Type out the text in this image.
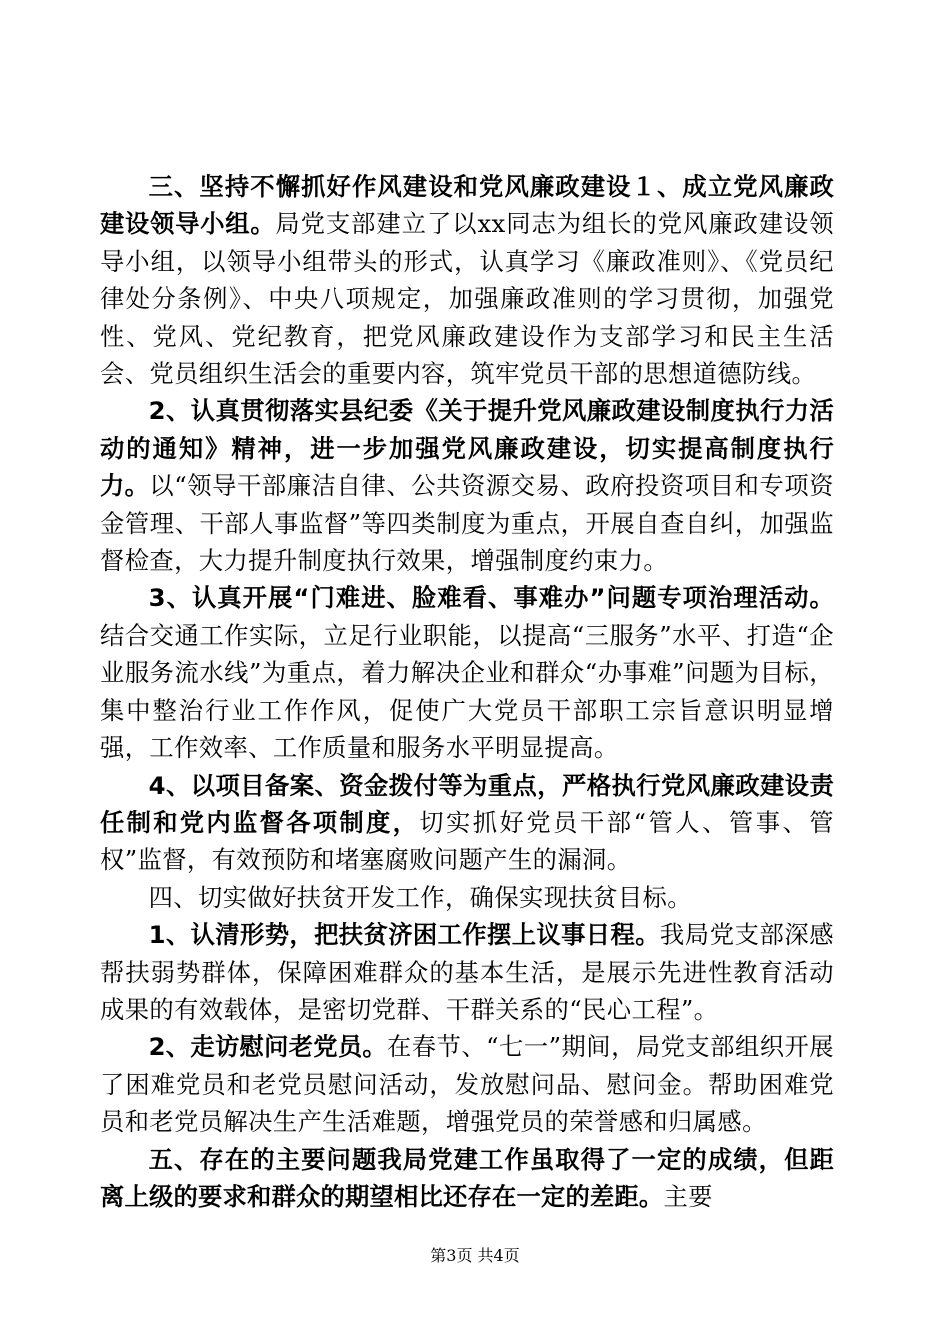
三、坚持不懈抓好作风建设和党风廉政建设１、成立党风廉政建设领导小组。局党支部建立了以xx同志为组长的党风廉政建设领导小组，以领导小组带头的形式，认真学习《廉政准则》、《党员纪律处分条例》、中央八项规定，加强廉政准则的学习贯彻，加强党性、党风、党纪教育，把党风廉政建设作为支部学习和民主生活会、党员组织生活会的重要内容，筑牢党员干部的思想道德防线。

2、认真贯彻落实县纪委《关于提升党风廉政建设制度执行力活动的通知》精神，进一步加强党风廉政建设，切实提高制度执行力。以“领导干部廉洁自律、公共资源交易、政府投资项目和专项资金管理、干部人事监督”等四类制度为重点，开展自查自纠，加强监督检查，大力提升制度执行效果，增强制度约束力。

3、认真开展“门难进、脸难看、事难办”问题专项治理活动。结合交通工作实际，立足行业职能，以提高“三服务”水平、打造“企业服务流水线”为重点，着力解决企业和群众“办事难”问题为目标，集中整治行业工作作风，促使广大党员干部职工宗旨意识明显增强，工作效率、工作质量和服务水平明显提高。

4、以项目备案、资金拨付等为重点，严格执行党风廉政建设责任制和党内监督各项制度，切实抓好党员干部“管人、管事、管权”监督，有效预防和堵塞腐败问题产生的漏洞。

四、切实做好扶贫开发工作，确保实现扶贫目标。

1、认清形势，把扶贫济困工作摆上议事日程。我局党支部深感帮扶弱势群体，保障困难群众的基本生活，是展示先进性教育活动成果的有效载体，是密切党群、干群关系的“民心工程”。

2、走访慰问老党员。在春节、“七一”期间，局党支部组织开展了困难党员和老党员慰问活动，发放慰问品、慰问金。帮助困难党员和老党员解决生产生活难题，增强党员的荣誉感和归属感。

五、存在的主要问题我局党建工作虽取得了一定的成绩，但距离上级的要求和群众的期望相比还存在一定的差距。主要

第3页 共4页
